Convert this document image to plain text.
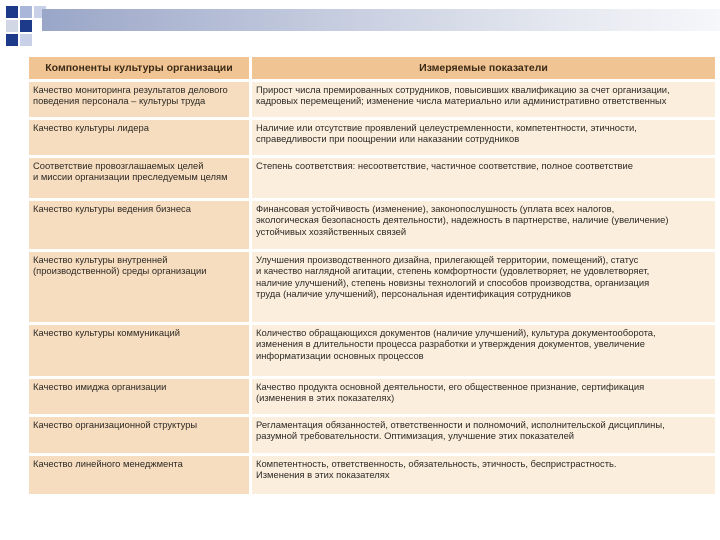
Компоненты культуры организации	Измеряемые показатели

Качество мониторинга результатов делового
поведения персонала – культуры труда	Прирост числа премированных сотрудников, повысивших квалификацию за счет организации,
кадровых перемещений; изменение числа материально или административно ответственных

Качество культуры лидера	Наличие или отсутствие проявлений целеустремленности, компетентности, этичности,
справедливости при поощрении или наказании сотрудников

Соответствие провозглашаемых целей
и миссии организации преследуемым целям	Степень соответствия: несоответствие, частичное соответствие, полное соответствие

Качество культуры ведения бизнеса	Финансовая устойчивость (изменение), законопослушность (уплата всех налогов,
экологическая безопасность деятельности), надежность в партнерстве, наличие (увеличение)
устойчивых хозяйственных связей

Качество культуры внутренней
(производственной) среды организации	Улучшения производственного дизайна, прилегающей территории, помещений), статус
и качество наглядной агитации, степень комфортности (удовлетворяет, не удовлетворяет,
наличие улучшений), степень новизны технологий и способов производства, организация
труда (наличие улучшений), персональная идентификация сотрудников

Качество культуры коммуникаций	Количество обращающихся документов (наличие улучшений), культура документооборота,
изменения в длительности процесса разработки и утверждения документов, увеличение
информатизации основных процессов

Качество имиджа организации	Качество продукта основной деятельности, его общественное признание, сертификация
(изменения в этих показателях)

Качество организационной структуры	Регламентация обязанностей, ответственности и полномочий, исполнительской дисциплины,
разумной требовательности. Оптимизация, улучшение этих показателей

Качество линейного менеджмента	Компетентность, ответственность, обязательность, этичность, беспристрастность.
Изменения в этих показателях
